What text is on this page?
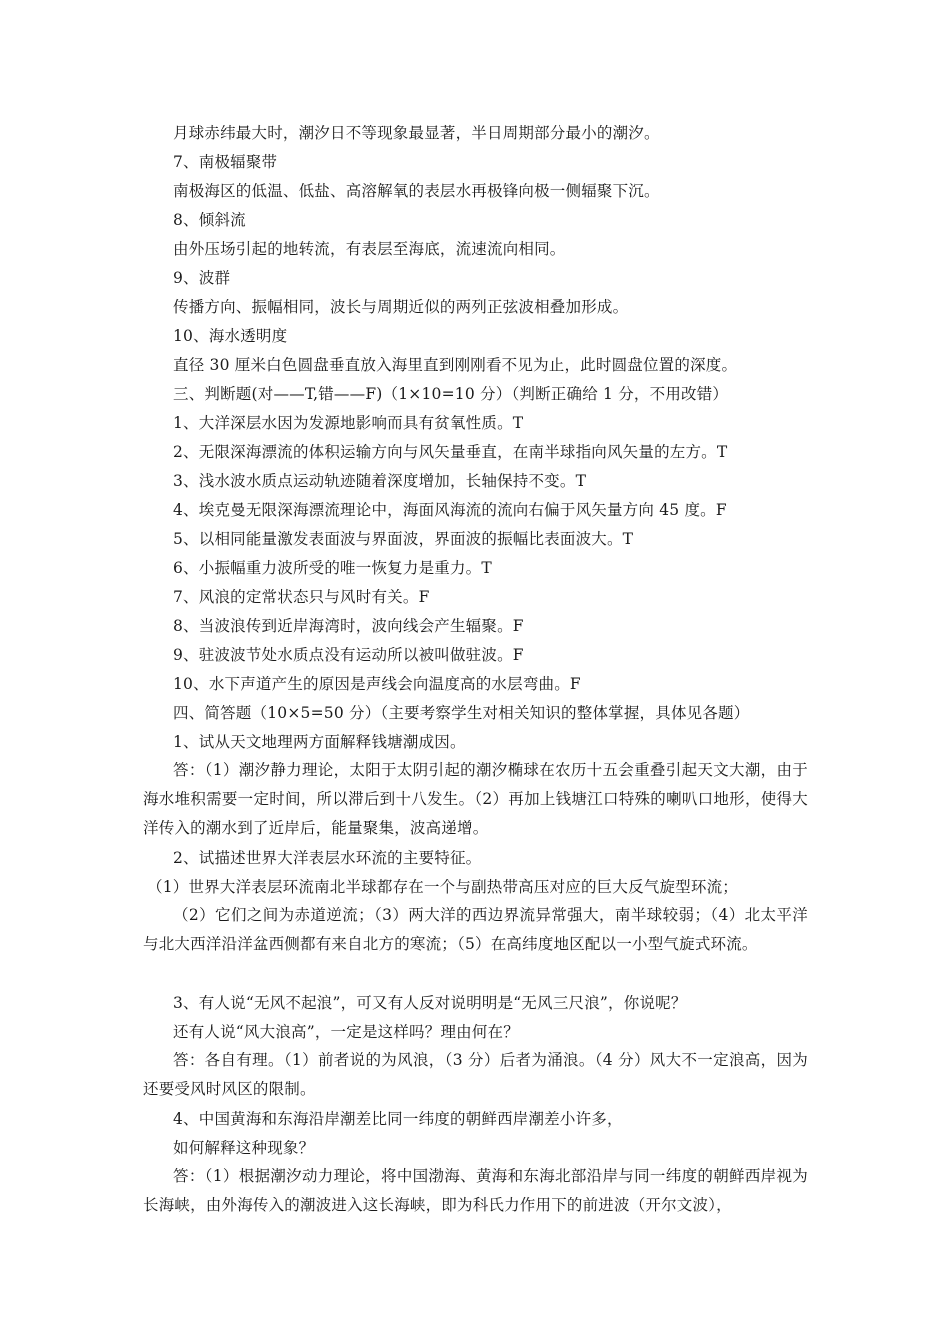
月球赤纬最大时，潮汐日不等现象最显著，半日周期部分最小的潮汐。
7、南极辐聚带
南极海区的低温、低盐、高溶解氧的表层水再极锋向极一侧辐聚下沉。
8、倾斜流
由外压场引起的地转流，有表层至海底，流速流向相同。
9、波群
传播方向、振幅相同，波长与周期近似的两列正弦波相叠加形成。
10、海水透明度
直径 30 厘米白色圆盘垂直放入海里直到刚刚看不见为止，此时圆盘位置的深度。
三、判断题(对——T,错——F)（1×10=10 分）（判断正确给 1 分，不用改错）
1、大洋深层水因为发源地影响而具有贫氧性质。T
2、无限深海漂流的体积运输方向与风矢量垂直，在南半球指向风矢量的左方。T
3、浅水波水质点运动轨迹随着深度增加，长轴保持不变。T
4、埃克曼无限深海漂流理论中，海面风海流的流向右偏于风矢量方向 45 度。F
5、以相同能量激发表面波与界面波，界面波的振幅比表面波大。T
6、小振幅重力波所受的唯一恢复力是重力。T
7、风浪的定常状态只与风时有关。F
8、当波浪传到近岸海湾时，波向线会产生辐聚。F
9、驻波波节处水质点没有运动所以被叫做驻波。F
10、水下声道产生的原因是声线会向温度高的水层弯曲。F
四、简答题（10×5=50 分）（主要考察学生对相关知识的整体掌握，具体见各题）
1、试从天文地理两方面解释钱塘潮成因。
答：（1）潮汐静力理论，太阳于太阴引起的潮汐椭球在农历十五会重叠引起天文大潮，由于海水堆积需要一定时间，所以滞后到十八发生。（2）再加上钱塘江口特殊的喇叭口地形，使得大洋传入的潮水到了近岸后，能量聚集，波高递增。
2、试描述世界大洋表层水环流的主要特征。
（1）世界大洋表层环流南北半球都存在一个与副热带高压对应的巨大反气旋型环流；
（2）它们之间为赤道逆流；（3）两大洋的西边界流异常强大，南半球较弱；（4）北太平洋与北大西洋沿洋盆西侧都有来自北方的寒流；（5）在高纬度地区配以一小型气旋式环流。
3、有人说“无风不起浪”，可又有人反对说明明是“无风三尺浪”，你说呢？
还有人说“风大浪高”，一定是这样吗？理由何在？
答：各自有理。（1）前者说的为风浪，（3 分）后者为涌浪。（4 分）风大不一定浪高，因为还要受风时风区的限制。
4、中国黄海和东海沿岸潮差比同一纬度的朝鲜西岸潮差小许多，
如何解释这种现象？
答：（1）根据潮汐动力理论，将中国渤海、黄海和东海北部沿岸与同一纬度的朝鲜西岸视为长海峡，由外海传入的潮波进入这长海峡，即为科氏力作用下的前进波（开尔文波），
